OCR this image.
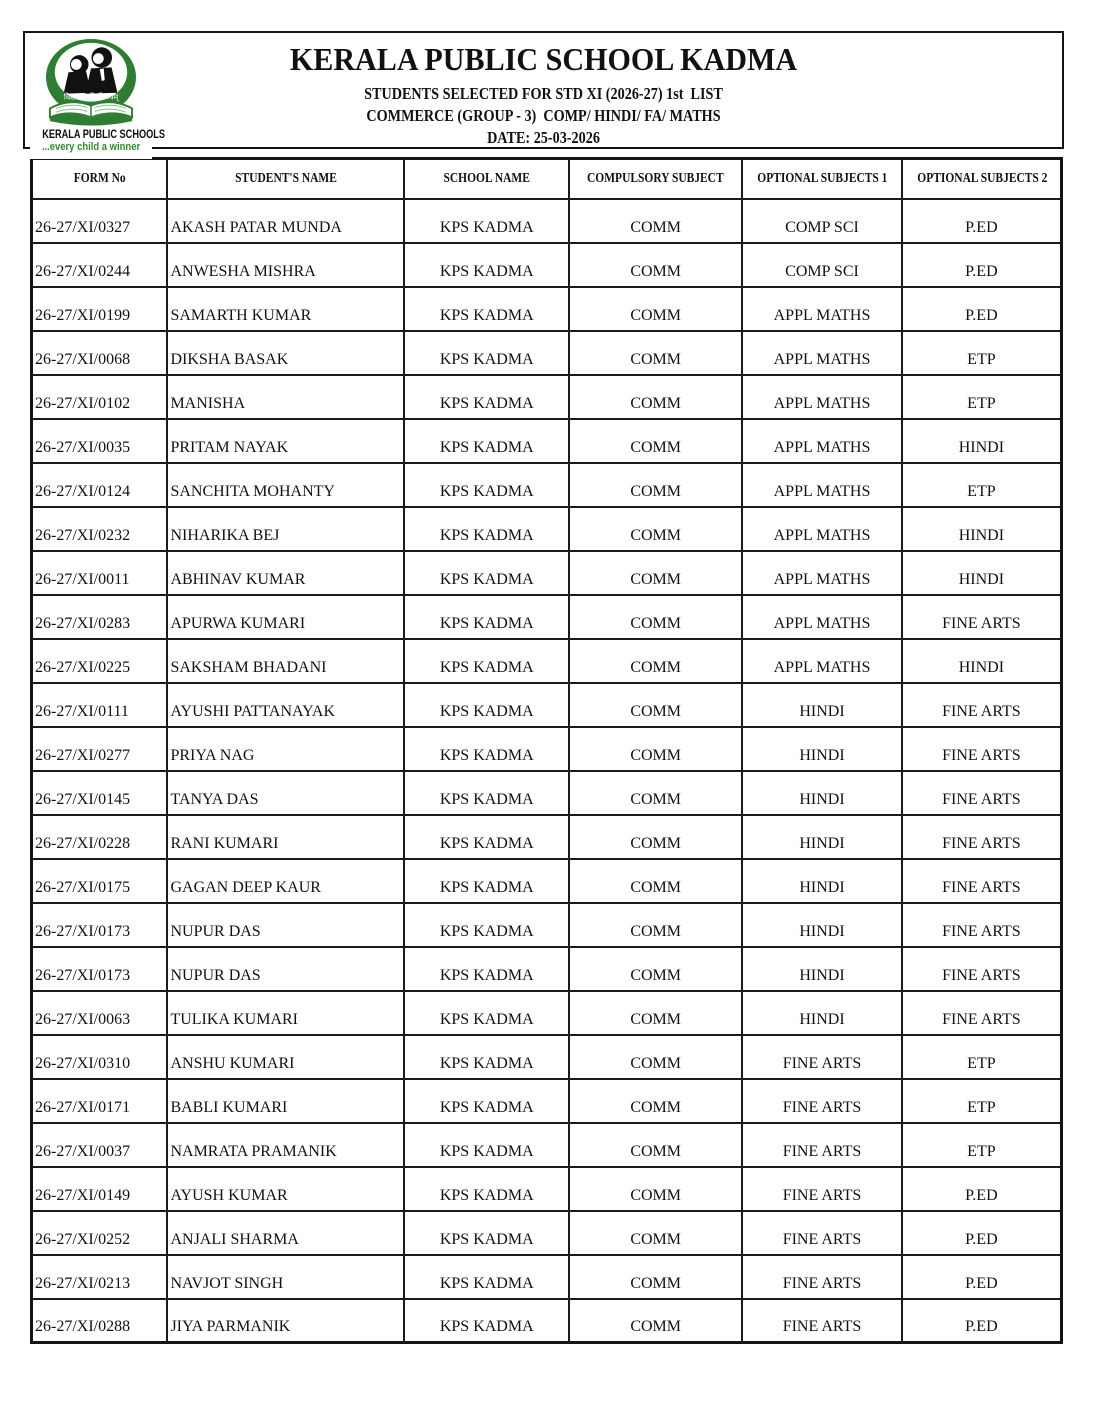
KERALA PUBLIC SCHOOL KADMA
STUDENTS SELECTED FOR STD XI (2026-27) 1st  LIST
COMMERCE (GROUP - 3)  COMP/ HINDI/ FA/ MATHS
DATE: 25-03-2026
विद्या ददाति विनयम्
KERALA PUBLIC SCHOOLS
...every child a winner
FORM No	STUDENT'S NAME	SCHOOL NAME	COMPULSORY SUBJECT	OPTIONAL SUBJECTS 1	OPTIONAL SUBJECTS 2
26-27/XI/0327	AKASH PATAR MUNDA	KPS KADMA	COMM	COMP SCI	P.ED
26-27/XI/0244	ANWESHA MISHRA	KPS KADMA	COMM	COMP SCI	P.ED
26-27/XI/0199	SAMARTH KUMAR	KPS KADMA	COMM	APPL MATHS	P.ED
26-27/XI/0068	DIKSHA BASAK	KPS KADMA	COMM	APPL MATHS	ETP
26-27/XI/0102	MANISHA	KPS KADMA	COMM	APPL MATHS	ETP
26-27/XI/0035	PRITAM NAYAK	KPS KADMA	COMM	APPL MATHS	HINDI
26-27/XI/0124	SANCHITA MOHANTY	KPS KADMA	COMM	APPL MATHS	ETP
26-27/XI/0232	NIHARIKA BEJ	KPS KADMA	COMM	APPL MATHS	HINDI
26-27/XI/0011	ABHINAV KUMAR	KPS KADMA	COMM	APPL MATHS	HINDI
26-27/XI/0283	APURWA KUMARI	KPS KADMA	COMM	APPL MATHS	FINE ARTS
26-27/XI/0225	SAKSHAM BHADANI	KPS KADMA	COMM	APPL MATHS	HINDI
26-27/XI/0111	AYUSHI PATTANAYAK	KPS KADMA	COMM	HINDI	FINE ARTS
26-27/XI/0277	PRIYA NAG	KPS KADMA	COMM	HINDI	FINE ARTS
26-27/XI/0145	TANYA DAS	KPS KADMA	COMM	HINDI	FINE ARTS
26-27/XI/0228	RANI KUMARI	KPS KADMA	COMM	HINDI	FINE ARTS
26-27/XI/0175	GAGAN DEEP KAUR	KPS KADMA	COMM	HINDI	FINE ARTS
26-27/XI/0173	NUPUR DAS	KPS KADMA	COMM	HINDI	FINE ARTS
26-27/XI/0173	NUPUR DAS	KPS KADMA	COMM	HINDI	FINE ARTS
26-27/XI/0063	TULIKA KUMARI	KPS KADMA	COMM	HINDI	FINE ARTS
26-27/XI/0310	ANSHU KUMARI	KPS KADMA	COMM	FINE ARTS	ETP
26-27/XI/0171	BABLI KUMARI	KPS KADMA	COMM	FINE ARTS	ETP
26-27/XI/0037	NAMRATA PRAMANIK	KPS KADMA	COMM	FINE ARTS	ETP
26-27/XI/0149	AYUSH KUMAR	KPS KADMA	COMM	FINE ARTS	P.ED
26-27/XI/0252	ANJALI SHARMA	KPS KADMA	COMM	FINE ARTS	P.ED
26-27/XI/0213	NAVJOT SINGH	KPS KADMA	COMM	FINE ARTS	P.ED
26-27/XI/0288	JIYA PARMANIK	KPS KADMA	COMM	FINE ARTS	P.ED
